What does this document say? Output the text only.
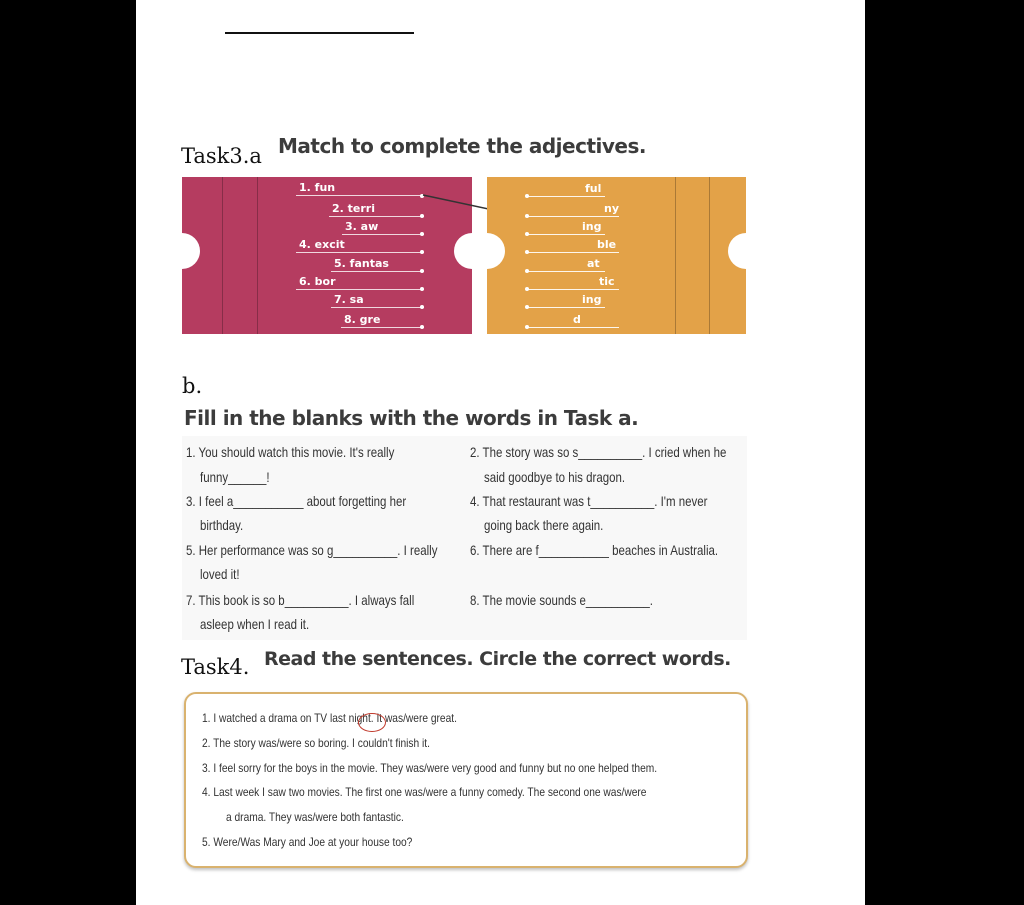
Task3.a Match to complete the adjectives.
1. fun
2. terri
3. aw
4. excit
5. fantas
6. bor
7. sa
8. gre
ful
ny
ing
ble
at
tic
ing
d
b.
Fill in the blanks with the words in Task a.
1. You should watch this movie. It's really
funny______!
2. The story was so s__________. I cried when he
said goodbye to his dragon.
3. I feel a___________ about forgetting her
birthday.
4. That restaurant was t__________. I'm never
going back there again.
5. Her performance was so g__________. I really
loved it!
6. There are f___________ beaches in Australia.
7. This book is so b__________. I always fall
asleep when I read it.
8. The movie sounds e__________.
Task4. Read the sentences. Circle the correct words.
1. I watched a drama on TV last night. It was/were great.
2. The story was/were so boring. I couldn't finish it.
3. I feel sorry for the boys in the movie. They was/were very good and funny but no one helped them.
4. Last week I saw two movies. The first one was/were a funny comedy. The second one was/were
a drama. They was/were both fantastic.
5. Were/Was Mary and Joe at your house too?
